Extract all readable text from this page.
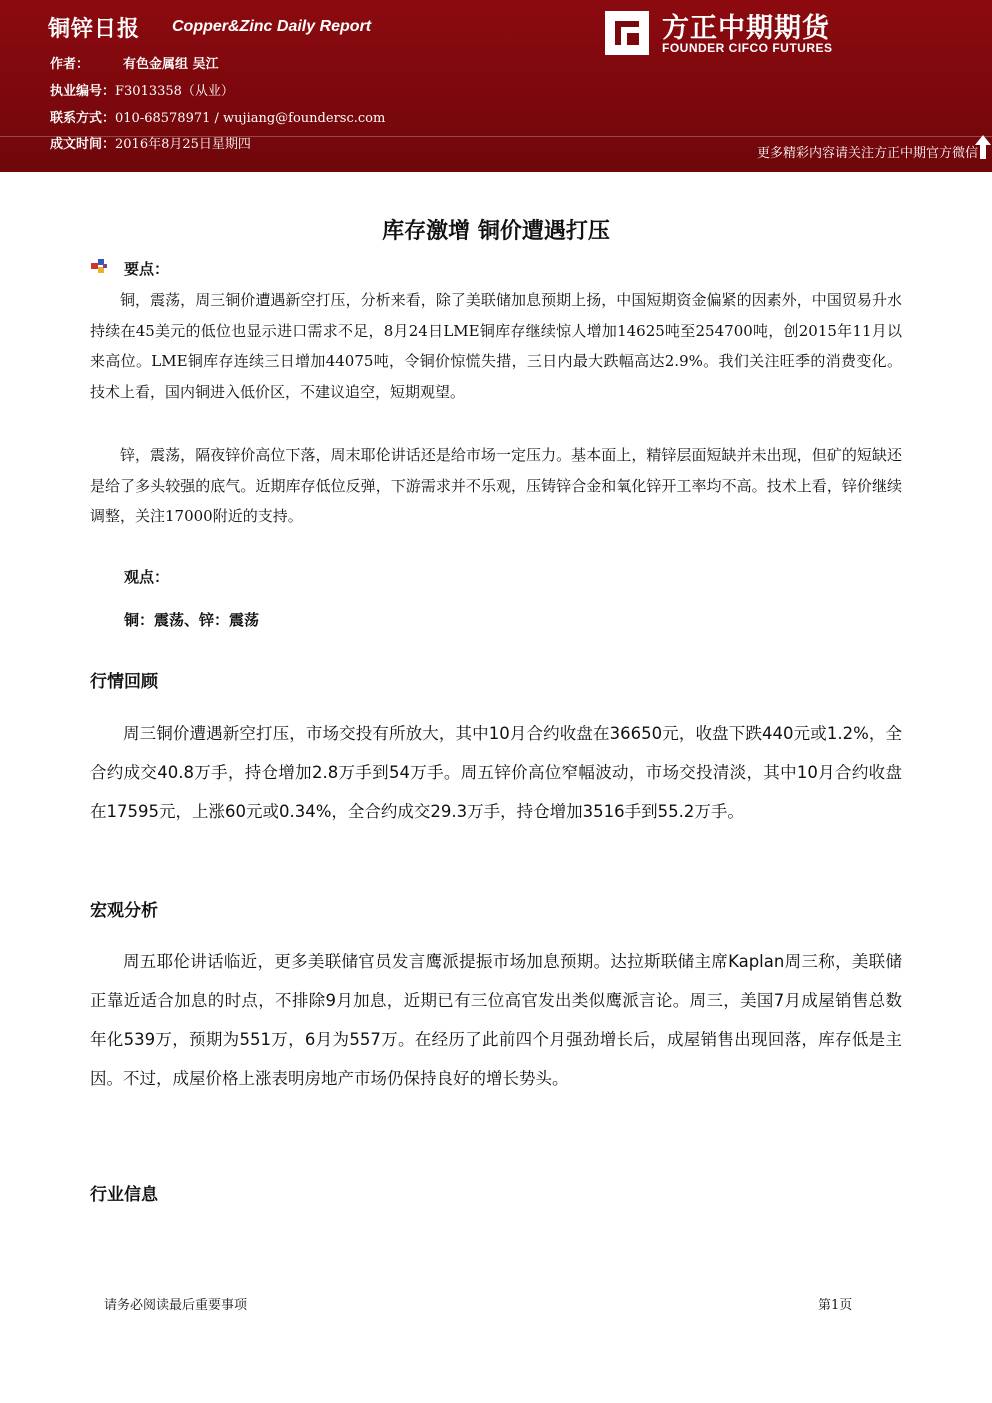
铜锌日报 Copper&Zinc Daily Report
作者：	有色金属组 吴江
执业编号：F3013358（从业）
联系方式：010-68578971 / wujiang@foundersc.com
成文时间：2016年8月25日星期四
方正中期期货
FOUNDER CIFCO FUTURES
更多精彩内容请关注方正中期官方微信
库存激增 铜价遭遇打压
要点：

铜，震荡，周三铜价遭遇新空打压，分析来看，除了美联储加息预期上扬，中国短期资金偏紧的因素外，中国贸易升水持续在45美元的低位也显示进口需求不足，8月24日LME铜库存继续惊人增加14625吨至254700吨，创2015年11月以来高位。LME铜库存连续三日增加44075吨，令铜价惊慌失措，三日内最大跌幅高达2.9%。我们关注旺季的消费变化。技术上看，国内铜进入低价区，不建议追空，短期观望。

锌，震荡，隔夜锌价高位下落，周末耶伦讲话还是给市场一定压力。基本面上，精锌层面短缺并未出现，但矿的短缺还是给了多头较强的底气。近期库存低位反弹，下游需求并不乐观，压铸锌合金和氧化锌开工率均不高。技术上看，锌价继续调整，关注17000附近的支持。

观点：
铜：震荡、锌：震荡
行情回顾

周三铜价遭遇新空打压，市场交投有所放大，其中10月合约收盘在36650元，收盘下跌440元或1.2%，全合约成交40.8万手，持仓增加2.8万手到54万手。周五锌价高位窄幅波动，市场交投清淡，其中10月合约收盘在17595元，上涨60元或0.34%，全合约成交29.3万手，持仓增加3516手到55.2万手。

宏观分析

周五耶伦讲话临近，更多美联储官员发言鹰派提振市场加息预期。达拉斯联储主席Kaplan周三称，美联储正靠近适合加息的时点，不排除9月加息，近期已有三位高官发出类似鹰派言论。周三，美国7月成屋销售总数年化539万，预期为551万，6月为557万。在经历了此前四个月强劲增长后，成屋销售出现回落，库存低是主因。不过，成屋价格上涨表明房地产市场仍保持良好的增长势头。

行业信息
请务必阅读最后重要事项	第1页
